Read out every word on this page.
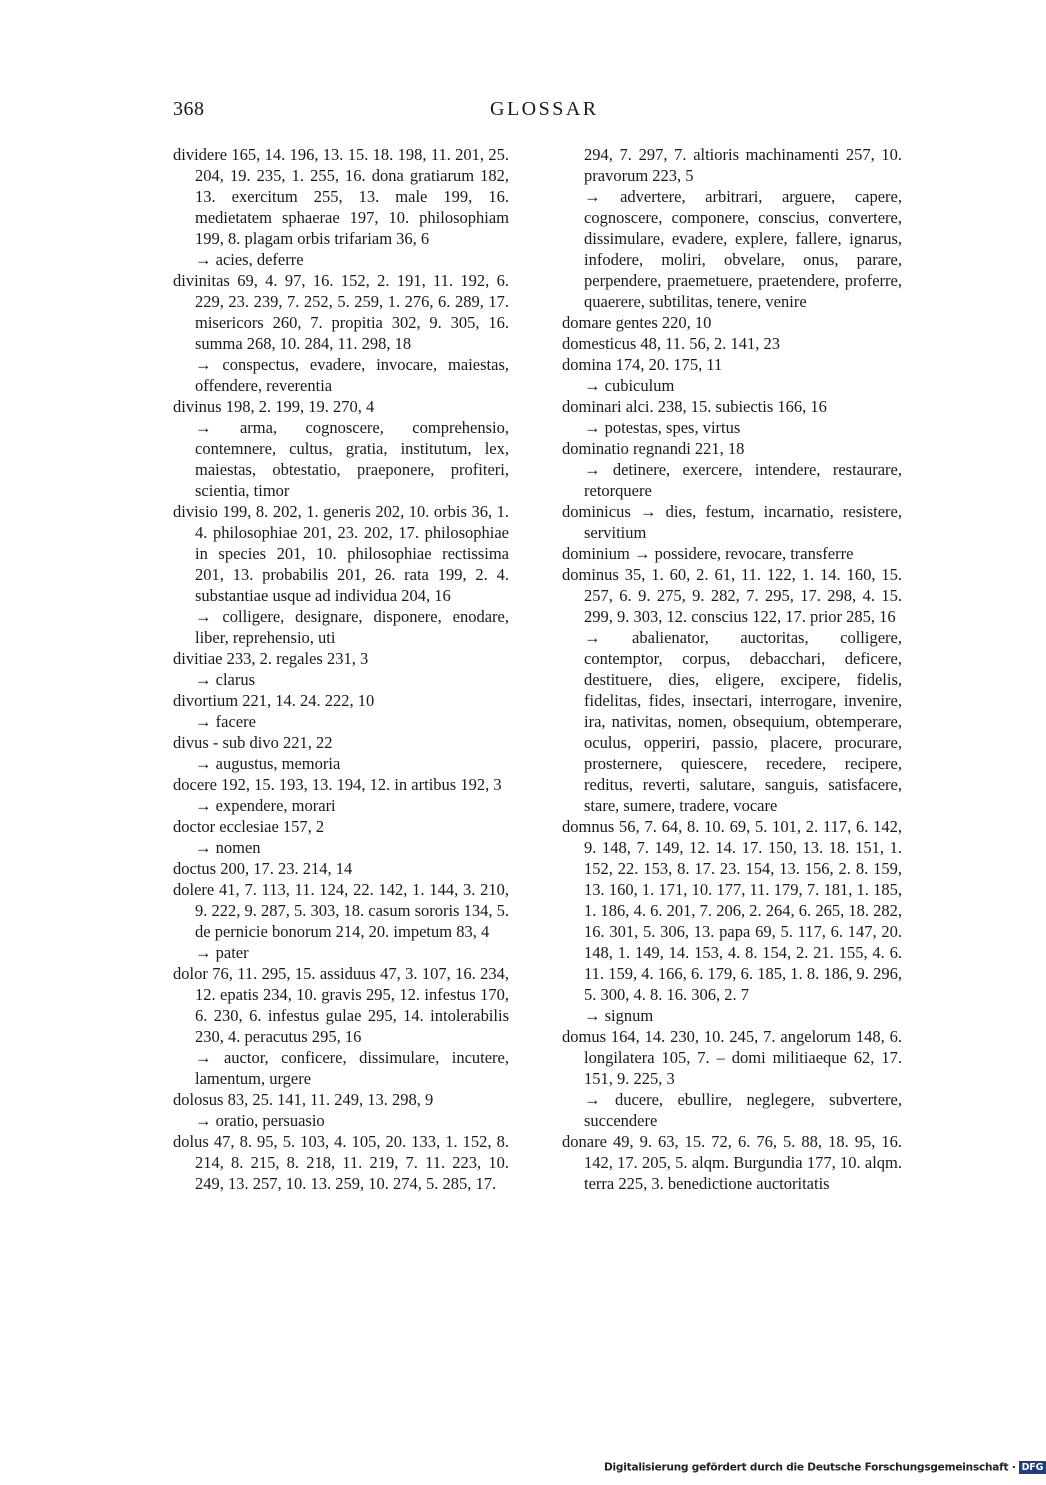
368	GLOSSAR

dividere 165, 14. 196, 13. 15. 18. 198, 11. 201, 25. 204, 19. 235, 1. 255, 16. dona gratiarum 182, 13. exercitum 255, 13. male 199, 16. medietatem sphaerae 197, 10. philosophiam 199, 8. plagam orbis trifariam 36, 6
→ acies, deferre

divinitas 69, 4. 97, 16. 152, 2. 191, 11. 192, 6. 229, 23. 239, 7. 252, 5. 259, 1. 276, 6. 289, 17. misericors 260, 7. propitia 302, 9. 305, 16. summa 268, 10. 284, 11. 298, 18
→ conspectus, evadere, invocare, maiestas, offendere, reverentia

divinus 198, 2. 199, 19. 270, 4
→ arma, cognoscere, comprehensio, contemnere, cultus, gratia, institutum, lex, maiestas, obtestatio, praeponere, profiteri, scientia, timor

divisio 199, 8. 202, 1. generis 202, 10. orbis 36, 1. 4. philosophiae 201, 23. 202, 17. philosophiae in species 201, 10. philosophiae rectissima 201, 13. probabilis 201, 26. rata 199, 2. 4. substantiae usque ad individua 204, 16
→ colligere, designare, disponere, enodare, liber, reprehensio, uti

divitiae 233, 2. regales 231, 3
→ clarus

divortium 221, 14. 24. 222, 10
→ facere

divus - sub divo 221, 22
→ augustus, memoria

docere 192, 15. 193, 13. 194, 12. in artibus 192, 3
→ expendere, morari

doctor ecclesiae 157, 2
→ nomen

doctus 200, 17. 23. 214, 14

dolere 41, 7. 113, 11. 124, 22. 142, 1. 144, 3. 210, 9. 222, 9. 287, 5. 303, 18. casum sororis 134, 5. de pernicie bonorum 214, 20. impetum 83, 4
→ pater

dolor 76, 11. 295, 15. assiduus 47, 3. 107, 16. 234, 12. epatis 234, 10. gravis 295, 12. infestus 170, 6. 230, 6. infestus gulae 295, 14. intolerabilis 230, 4. peracutus 295, 16
→ auctor, conficere, dissimulare, incutere, lamentum, urgere

dolosus 83, 25. 141, 11. 249, 13. 298, 9
→ oratio, persuasio

dolus 47, 8. 95, 5. 103, 4. 105, 20. 133, 1. 152, 8. 214, 8. 215, 8. 218, 11. 219, 7. 11. 223, 10. 249, 13. 257, 10. 13. 259, 10. 274, 5. 285, 17.

294, 7. 297, 7. altioris machinamenti 257, 10. pravorum 223, 5
→ advertere, arbitrari, arguere, capere, cognoscere, componere, conscius, convertere, dissimulare, evadere, explere, fallere, ignarus, infodere, moliri, obvelare, onus, parare, perpendere, praemetuere, praetendere, proferre, quaerere, subtilitas, tenere, venire

domare gentes 220, 10

domesticus 48, 11. 56, 2. 141, 23

domina 174, 20. 175, 11
→ cubiculum

dominari alci. 238, 15. subiectis 166, 16
→ potestas, spes, virtus

dominatio regnandi 221, 18
→ detinere, exercere, intendere, restaurare, retorquere

dominicus → dies, festum, incarnatio, resistere, servitium

dominium → possidere, revocare, transferre

dominus 35, 1. 60, 2. 61, 11. 122, 1. 14. 160, 15. 257, 6. 9. 275, 9. 282, 7. 295, 17. 298, 4. 15. 299, 9. 303, 12. conscius 122, 17. prior 285, 16
→ abalienator, auctoritas, colligere, contemptor, corpus, debacchari, deficere, destituere, dies, eligere, excipere, fidelis, fidelitas, fides, insectari, interrogare, invenire, ira, nativitas, nomen, obsequium, obtemperare, oculus, opperiri, passio, placere, procurare, prosternere, quiescere, recedere, recipere, reditus, reverti, salutare, sanguis, satisfacere, stare, sumere, tradere, vocare

domnus 56, 7. 64, 8. 10. 69, 5. 101, 2. 117, 6. 142, 9. 148, 7. 149, 12. 14. 17. 150, 13. 18. 151, 1. 152, 22. 153, 8. 17. 23. 154, 13. 156, 2. 8. 159, 13. 160, 1. 171, 10. 177, 11. 179, 7. 181, 1. 185, 1. 186, 4. 6. 201, 7. 206, 2. 264, 6. 265, 18. 282, 16. 301, 5. 306, 13. papa 69, 5. 117, 6. 147, 20. 148, 1. 149, 14. 153, 4. 8. 154, 2. 21. 155, 4. 6. 11. 159, 4. 166, 6. 179, 6. 185, 1. 8. 186, 9. 296, 5. 300, 4. 8. 16. 306, 2. 7
→ signum

domus 164, 14. 230, 10. 245, 7. angelorum 148, 6. longilatera 105, 7. – domi militiaeque 62, 17. 151, 9. 225, 3
→ ducere, ebullire, neglegere, subvertere, succendere

donare 49, 9. 63, 15. 72, 6. 76, 5. 88, 18. 95, 16. 142, 17. 205, 5. alqm. Burgundia 177, 10. alqm. terra 225, 3. benedictione auctoritatis

Digitalisierung gefördert durch die Deutsche Forschungsgemeinschaft · DFG
